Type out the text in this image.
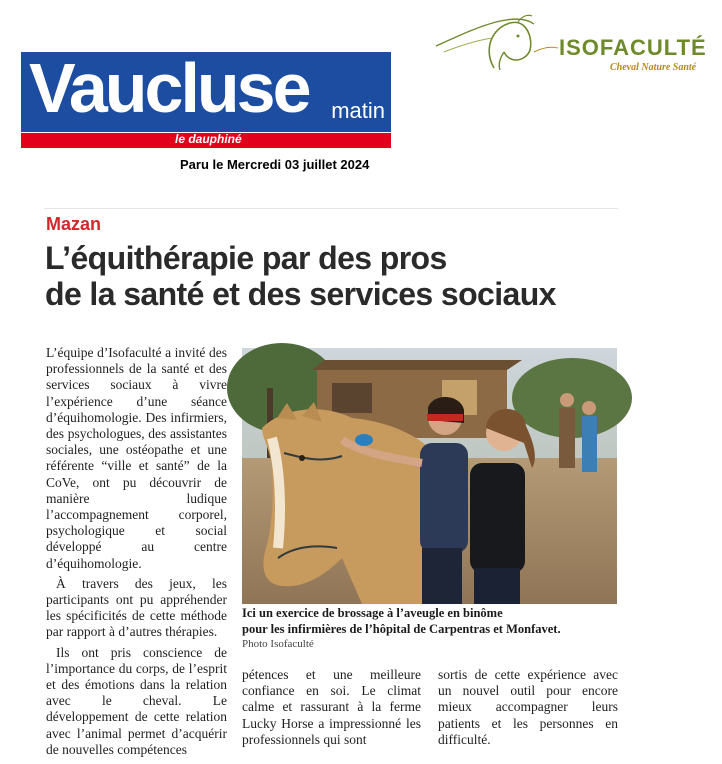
Vaucluse matin
le dauphiné
Paru le Mercredi 03 juillet 2024
ISOFACULTÉ
Cheval Nature Santé
Mazan
L’équithérapie par des pros
de la santé et des services sociaux

L’équipe d’Isofaculté a invité des professionnels de la santé et des services sociaux à vivre l’expérience d’une séance d’équihomologie. Des infirmiers, des psychologues, des assistantes sociales, une ostéopathe et une référente “ville et santé” de la CoVe, ont pu découvrir de manière ludique l’accompagnement corporel, psychologique et social développé au centre d’équihomologie.

À travers des jeux, les participants ont pu appréhender les spécificités de cette méthode par rapport à d’autres thérapies.

Ils ont pris conscience de l’importance du corps, de l’esprit et des émotions dans la relation avec le cheval. Le développement de cette relation avec l’animal permet d’acquérir de nouvelles compétences

Ici un exercice de brossage à l’aveugle en binôme
pour les infirmières de l’hôpital de Carpentras et Monfavet.
Photo Isofaculté

pétences et une meilleure confiance en soi. Le climat calme et rassurant à la ferme Lucky Horse a impressionné les professionnels qui sont

sortis de cette expérience avec un nouvel outil pour encore mieux accompagner leurs patients et les personnes en difficulté.
